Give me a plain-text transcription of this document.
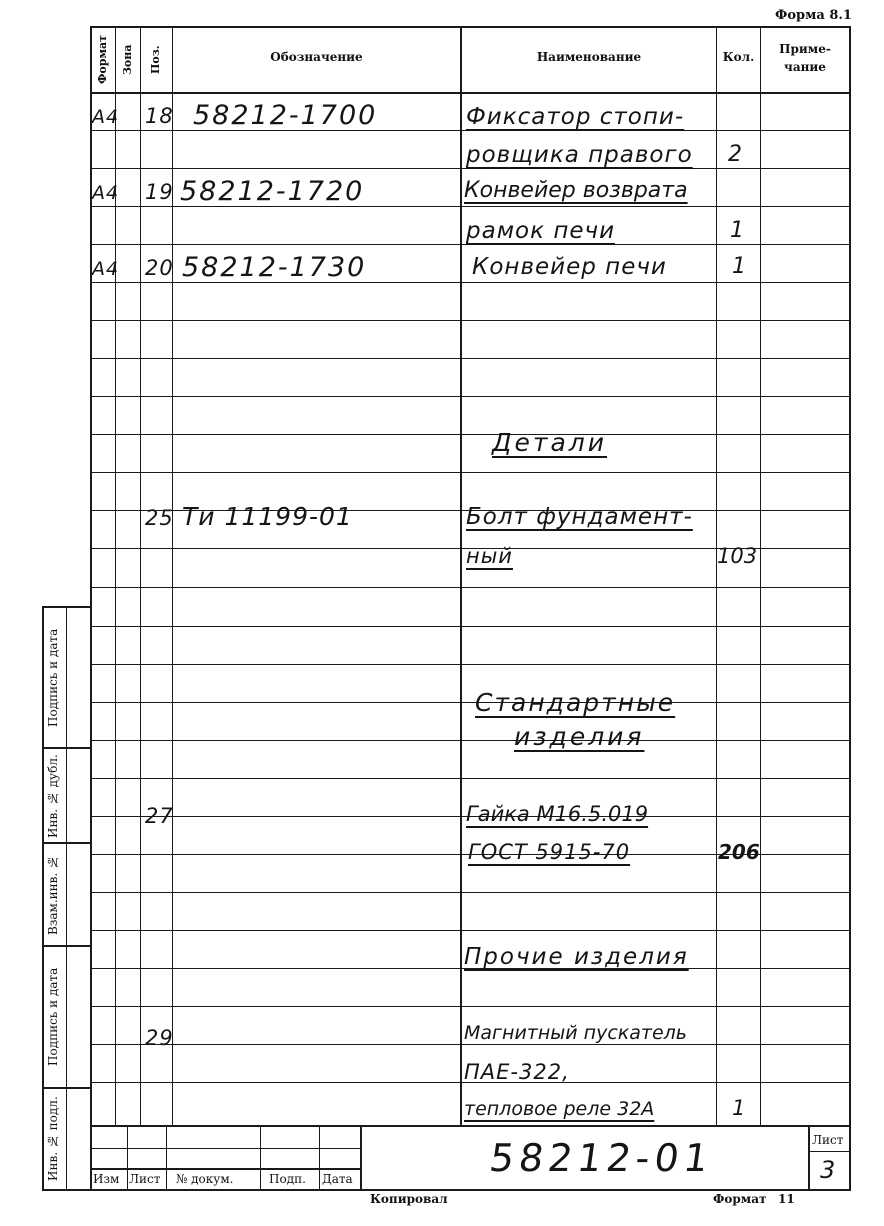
Форма 8.1
Формат Зона Поз.	Обозначение	Наименование	Кол.
Приме-
чание
А4 18 58212-1700	Фиксатор стопи-
ровщика правого 2
А4 19 58212-1720	Конвейер возврата
рамок печи	1
А4 20 58212-1730	Конвейер печи	1
Детали
25 Ти 11199-01	Болт фундамент-
ный	103
Стандартные
изделия
27	Гайка М16.5.019
ГОСТ 5915-70	206
Прочие изделия
29	Магнитный пускатель
ПАЕ-322,
тепловое реле 32А	1
Подпись и дата
Инв. № дубл.
Взам.инв. №
Подпись и дата
Инв. № подл.	Изм Лист № докум.	Подп. Дата	58212-01	Лист
3
Копировал	Формат 11
